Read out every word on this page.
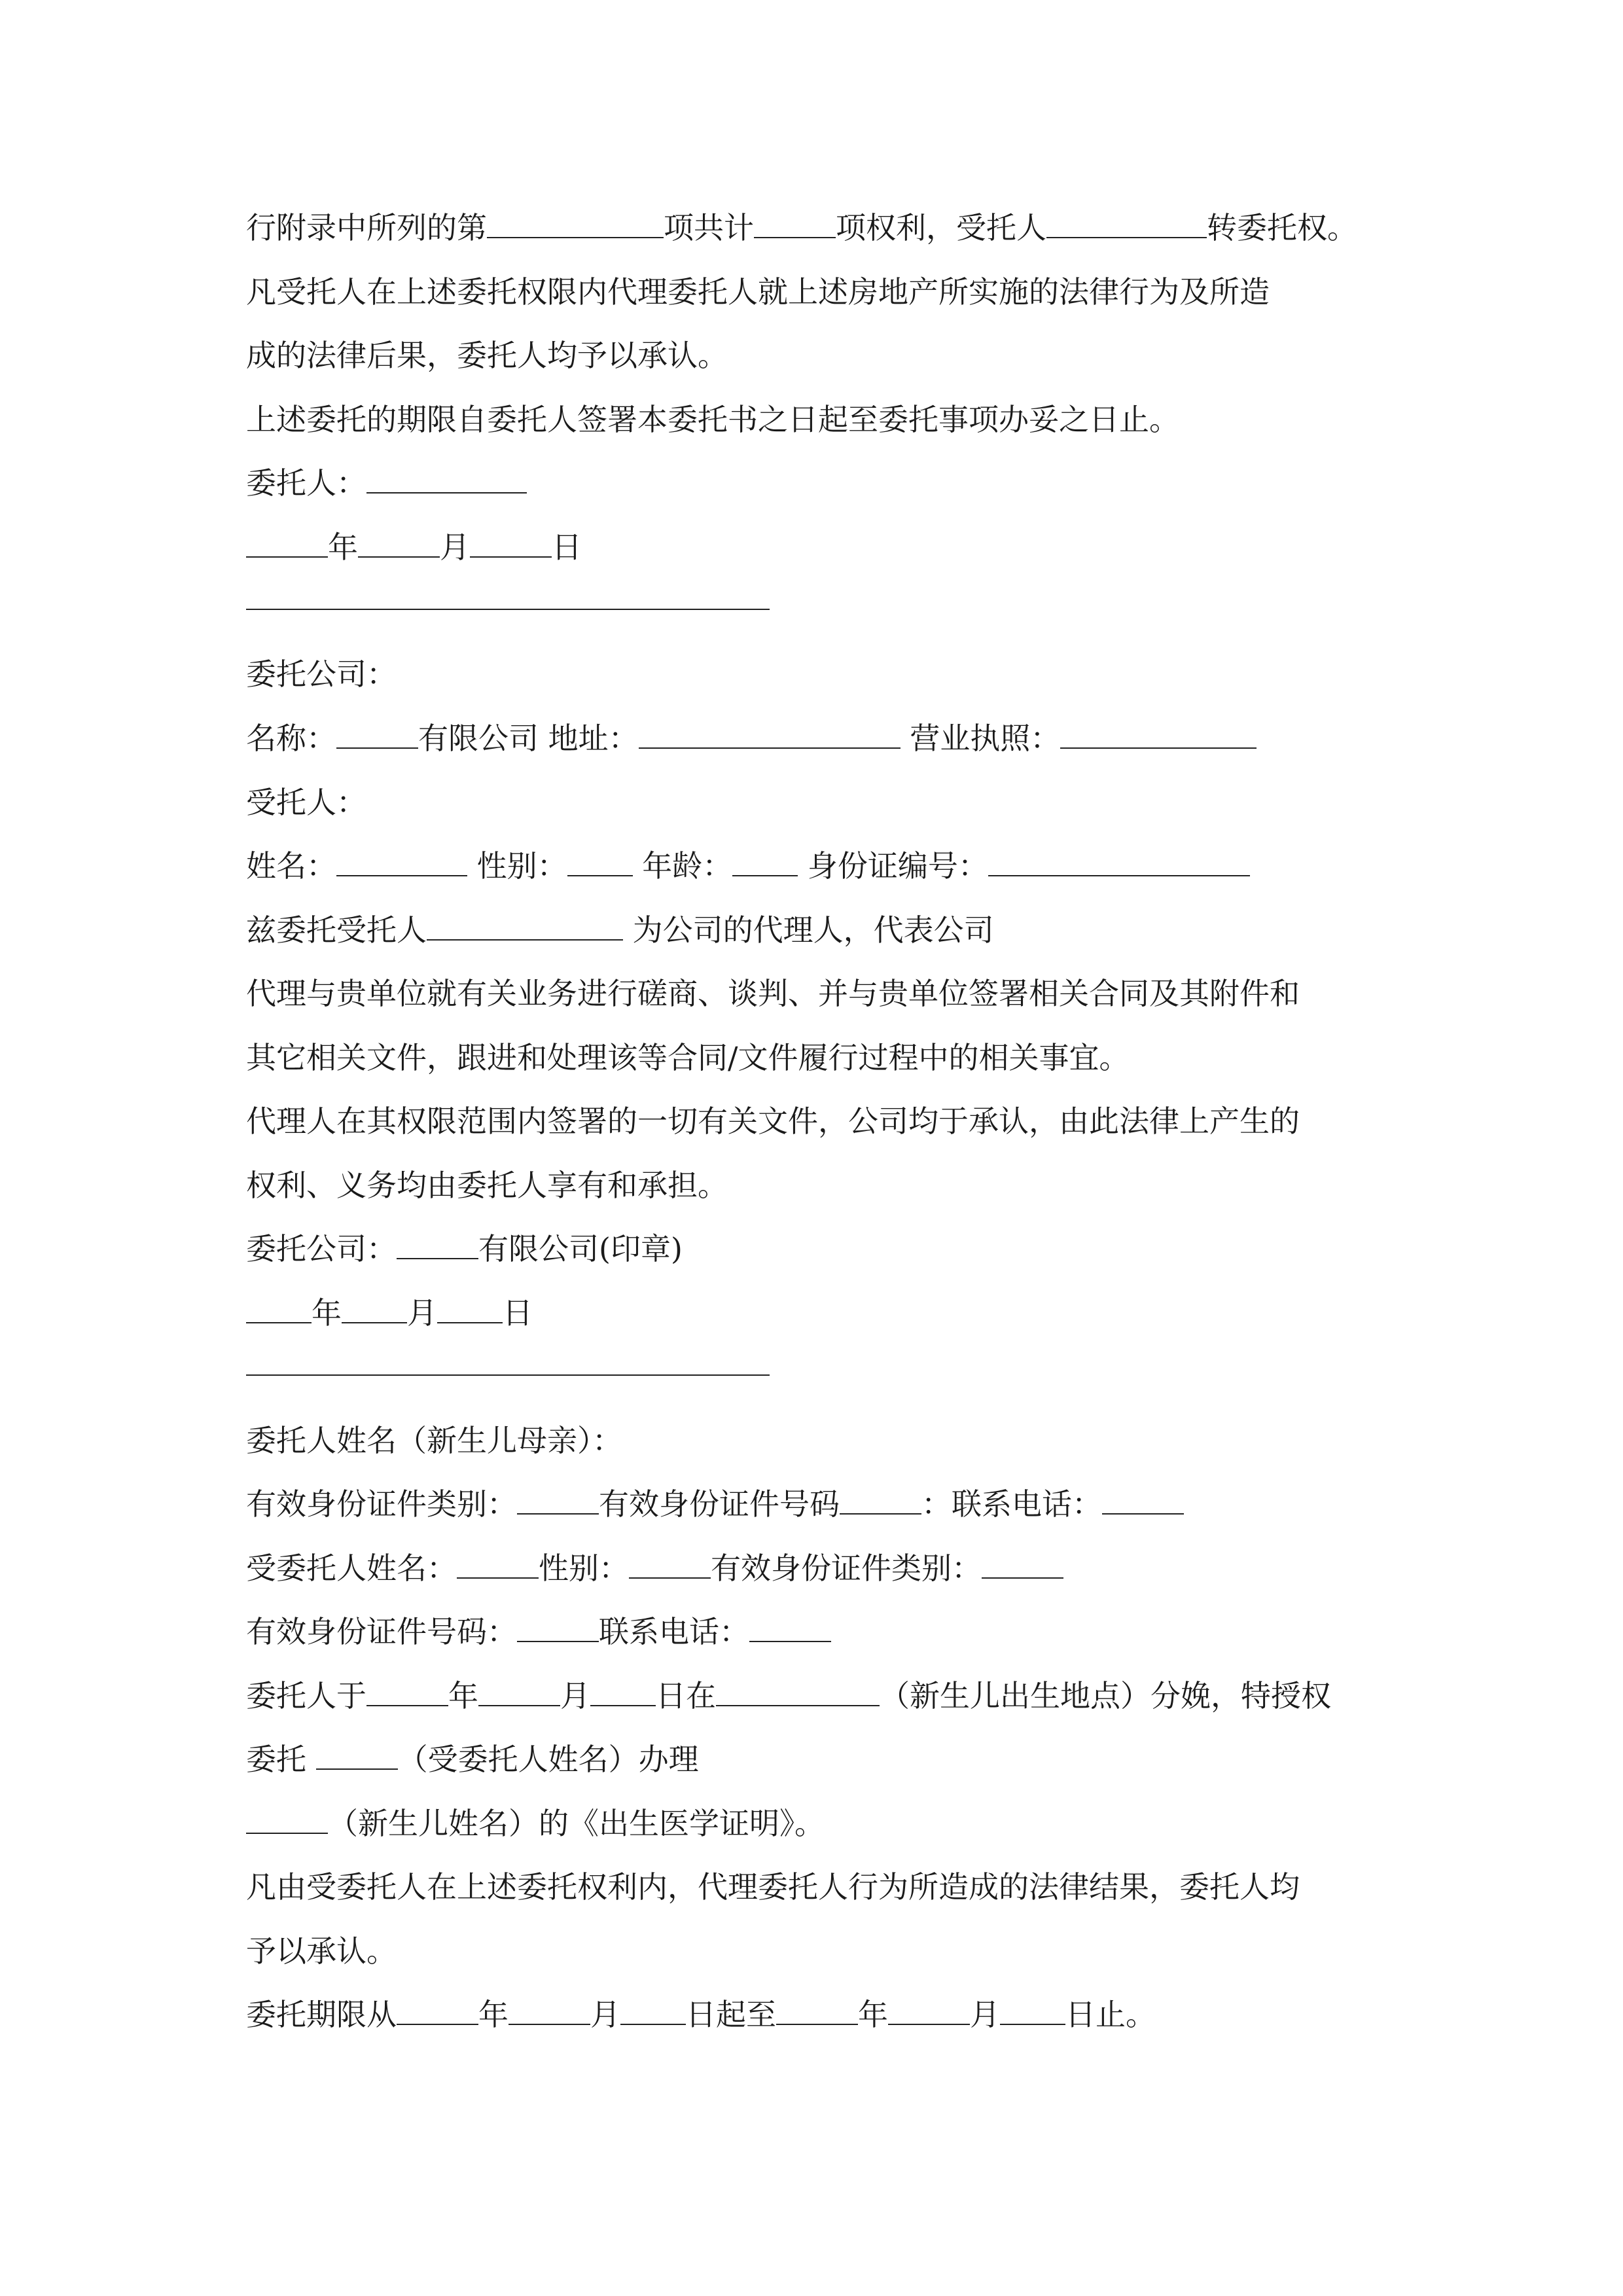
行附录中所列的第	项共计	项权利，受托人	转委托权。
凡受托人在上述委托权限内代理委托人就上述房地产所实施的法律行为及所造
成的法律后果，委托人均予以承认。
上述委托的期限自委托人签署本委托书之日起至委托事项办妥之日止。
委托人：
年	月	日
委托公司：
名称：	有限公司 地址：	营业执照：
受托人：
姓名：	性别： 年龄： 身份证编号：
兹委托受托人	为公司的代理人，代表公司
代理与贵单位就有关业务进行磋商、谈判、并与贵单位签署相关合同及其附件和
其它相关文件，跟进和处理该等合同/文件履行过程中的相关事宜。
代理人在其权限范围内签署的一切有关文件，公司均于承认，由此法律上产生的
权利、义务均由委托人享有和承担。
委托公司：	有限公司(印章)
年 月 日
委托人姓名（新生儿母亲）：
有效身份证件类别：	有效身份证件号码	：联系电话：
受委托人姓名：	性别：	有效身份证件类别：
有效身份证件号码：	联系电话：
委托人于	年	月 日在	（新生儿出生地点）分娩，特授权
委托	（受委托人姓名）办理
（新生儿姓名）的《出生医学证明》。
凡由受委托人在上述委托权利内，代理委托人行为所造成的法律结果，委托人均
予以承认。
委托期限从	年	月 日起至	年	月 日止。
